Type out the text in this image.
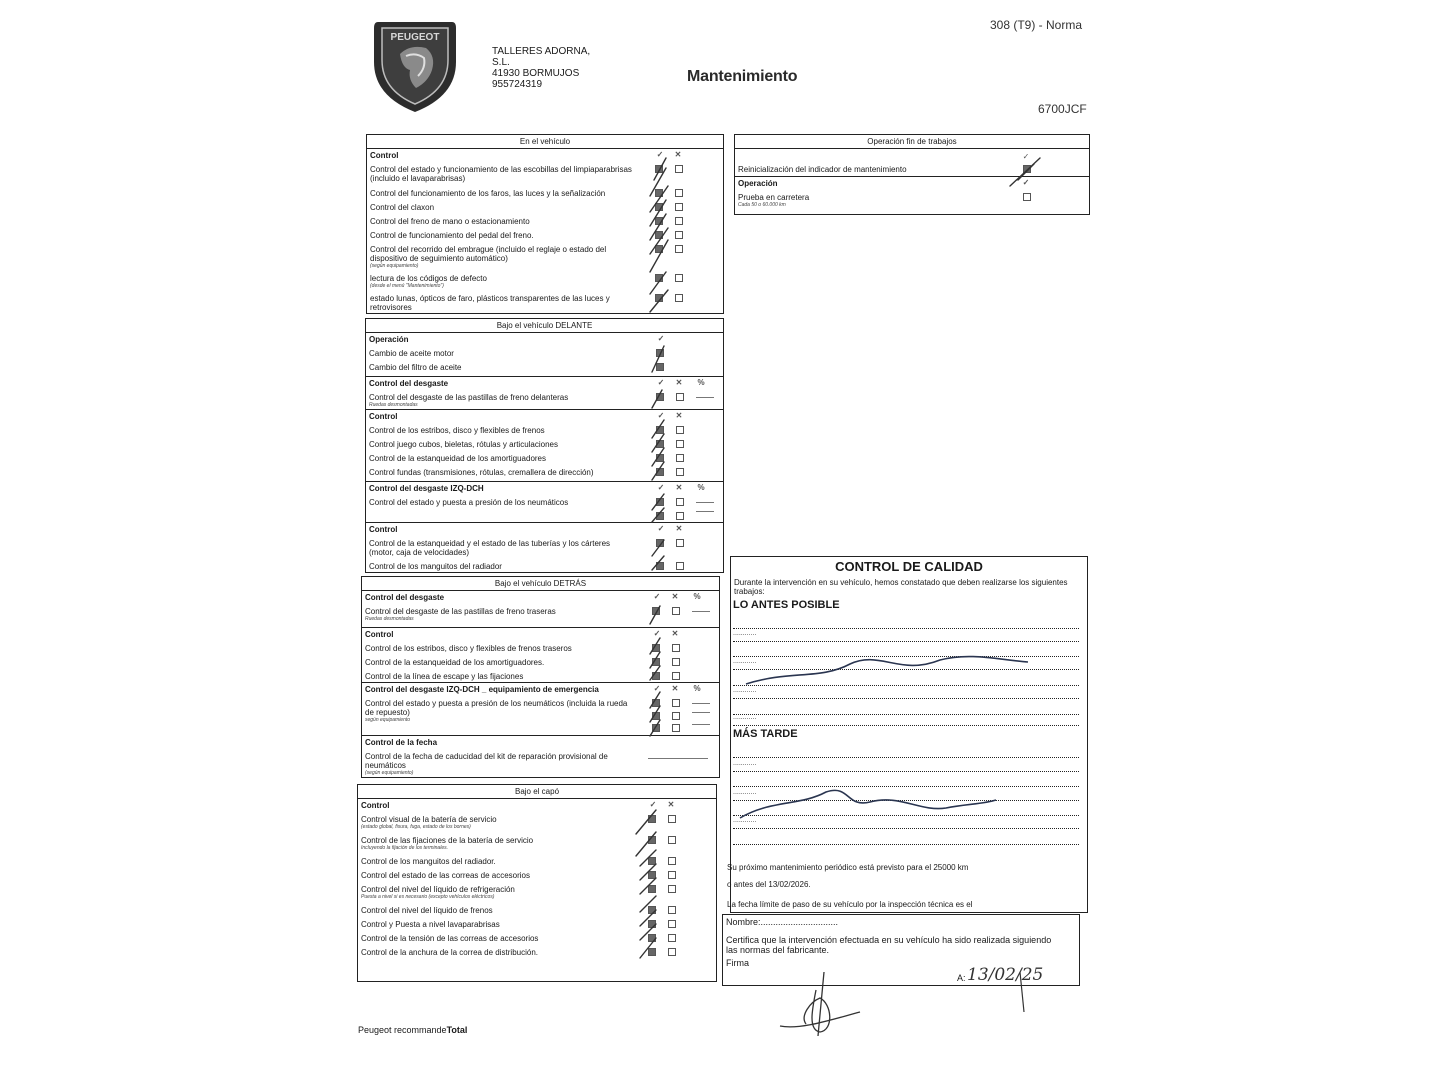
PEUGEOT
TALLERES ADORNA,
S.L.
41930 BORMUJOS
955724319	Mantenimiento
308 (T9) - Norma
6700JCF
En el vehículo
Control	✓ ✕
Control del estado y funcionamiento de las escobillas del limpiaparabrisas (incluido el lavaparabrisas)
Control del funcionamiento de los faros, las luces y la señalización
Control del claxon
Control del freno de mano o estacionamiento
Control de funcionamiento del pedal del freno.
Control del recorrido del embrague (incluido el reglaje o estado del dispositivo de seguimiento automático)
(según equipamiento)
lectura de los códigos de defecto
(desde el menú "Mantenimiento")
estado lunas, ópticos de faro, plásticos transparentes de las luces y retrovisores
Operación fin de trabajos
✓
Reinicialización del indicador de mantenimiento
Operación	✓
Prueba en carretera
Cada 50 o 60.000 km
Bajo el vehículo DELANTE
Operación	✓
Cambio de aceite motor
Cambio del filtro de aceite
Control del desgaste	✓ ✕ %
Control del desgaste de las pastillas de freno delanteras
Ruedas desmontadas
Control	✓ ✕
Control de los estribos, disco y flexibles de frenos
Control juego cubos, bieletas, rótulas y articulaciones
Control de la estanqueidad de los amortiguadores
Control fundas (transmisiones, rótulas, cremallera de dirección)
Control del desgaste IZQ-DCH	✓ ✕ %
Control del estado y puesta a presión de los neumáticos

Control	✓ ✕
Control de la estanqueidad y el estado de las tuberías y los cárteres (motor, caja de velocidades)
Control de los manguitos del radiador
Bajo el vehículo DETRÁS
Control del desgaste	✓ ✕ %
Control del desgaste de las pastillas de freno traseras
Ruedas desmontadas
Control	✓ ✕
Control de los estribos, disco y flexibles de frenos traseros
Control de la estanqueidad de los amortiguadores.
Control de la línea de escape y las fijaciones
Control del desgaste IZQ-DCH _ equipamiento de emergencia	✓ ✕ %
Control del estado y puesta a presión de los neumáticos (incluida la rueda de repuesto)
según equipamiento

Control de la fecha
Control de la fecha de caducidad del kit de reparación provisional de neumáticos
(según equipamiento)
Bajo el capó
Control	✓ ✕
Control visual de la batería de servicio
(estado global, fisura, fuga, estado de los bornes)
Control de las fijaciones de la batería de servicio
Incluyendo la fijación de los terminales.
Control de los manguitos del radiador.
Control del estado de las correas de accesorios
Control del nivel del líquido de refrigeración
Puesta a nivel si es necesario (excepto vehículos eléctricos)
Control del nivel del líquido de frenos
Control y Puesta a nivel lavaparabrisas
Control de la tensión de las correas de accesorios
Control de la anchura de la correa de distribución.
CONTROL DE CALIDAD
Durante la intervención en su vehículo, hemos constatado que deben realizarse los siguientes trabajos:
LO ANTES POSIBLE
............
............
............
............
MÁS TARDE
............
............
............
Su próximo mantenimiento periódico está previsto para el 25000 km
o antes del 13/02/2026.
La fecha límite de paso de su vehículo por la inspección técnica es el
Nombre:...............................
Certifica que la intervención efectuada en su vehículo ha sido realizada siguiendo las normas del fabricante.
Firma
A: 13/02/25
Peugeot recommandeTotal
